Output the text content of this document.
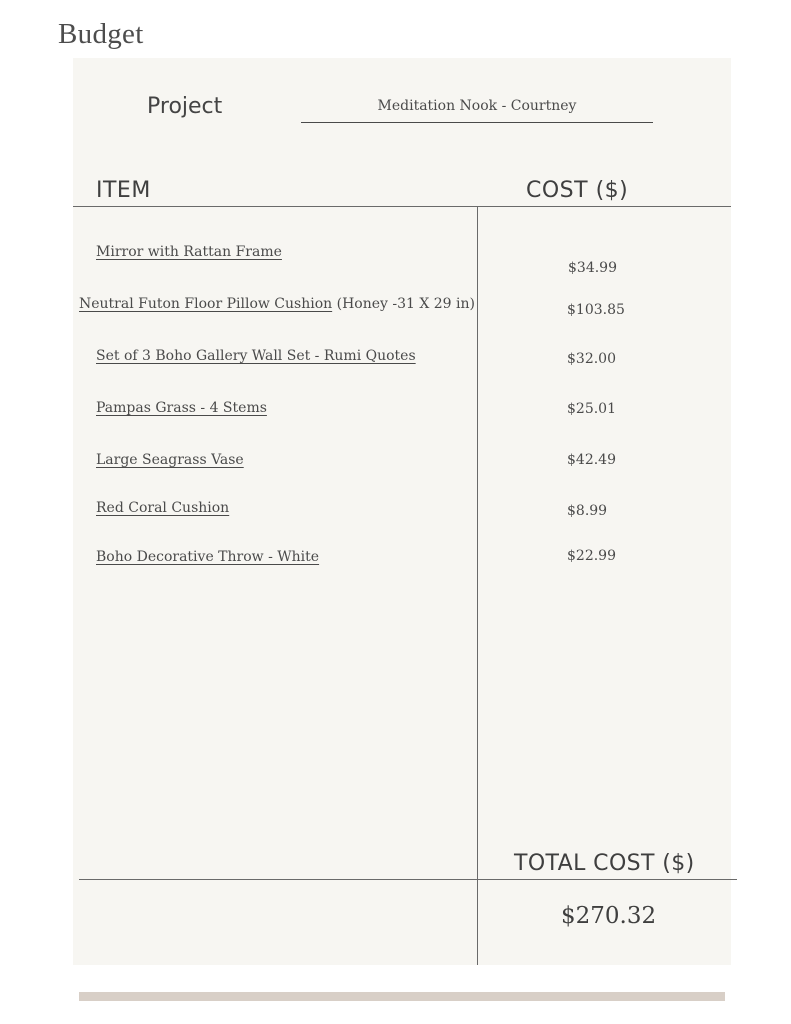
Budget
Project	Meditation Nook - Courtney
ITEM	COST ($)
Mirror with Rattan Frame
Neutral Futon Floor Pillow Cushion (Honey -31 X 29 in)
Set of 3 Boho Gallery Wall Set - Rumi Quotes
Pampas Grass - 4 Stems
Large Seagrass Vase
Red Coral Cushion
Boho Decorative Throw - White
$34.99
$103.85
$32.00
$25.01
$42.49
$8.99
$22.99
TOTAL COST ($)
$270.32
